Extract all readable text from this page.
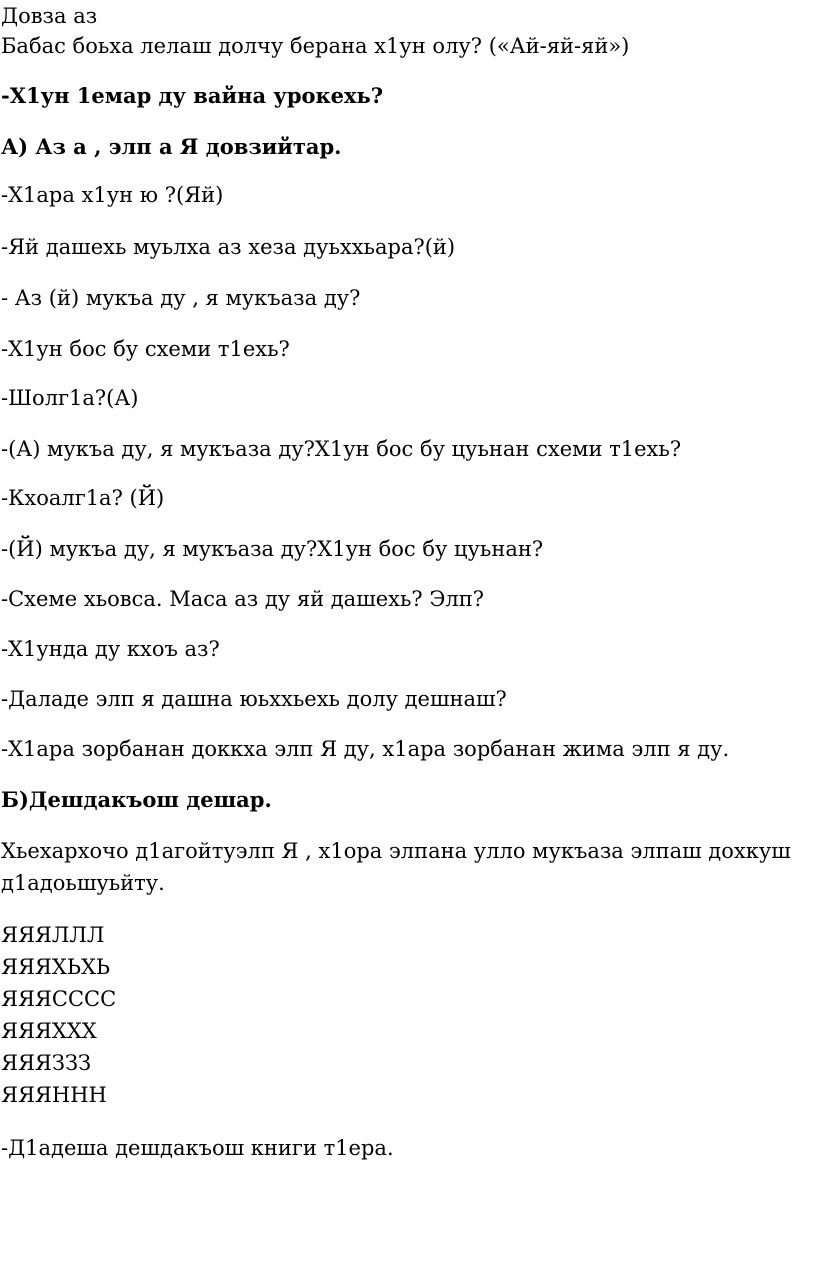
Довза аз
Бабас боьха лелаш долчу берана х1ун олу? («Ай-яй-яй»)
-Х1ун 1емар ду вайна урокехь?
А) Аз а , элп а Я довзийтар.
-Х1ара х1ун ю ?(Яй)
-Яй дашехь муьлха аз хеза дуьххьара?(й)
- Аз (й) мукъа ду , я мукъаза ду?
-Х1ун бос бу схеми т1ехь?
-Шолг1а?(А)
-(А) мукъа ду, я мукъаза ду?Х1ун бос бу цуьнан схеми т1ехь?
-Кхоалг1а? (Й)
-(Й) мукъа ду, я мукъаза ду?Х1ун бос бу цуьнан?
-Схеме хьовса. Маса аз ду яй дашехь? Элп?
-Х1унда ду кхоъ аз?
-Даладе элп я дашна юьххьехь долу дешнаш?
-Х1ара зорбанан доккха элп Я ду, х1ара зорбанан жима элп я ду.
Б)Дешдакъош дешар.
Хьехархочо д1агойтуэлп Я , х1ора элпана улло мукъаза элпаш дохкуш д1адоьшуьйту.
ЯЯЯЛЛЛ
ЯЯЯХЬХЬ
ЯЯЯСССС
ЯЯЯХХХ
ЯЯЯЗЗЗ
ЯЯЯННН
-Д1адеша дешдакъош книги т1ера.
